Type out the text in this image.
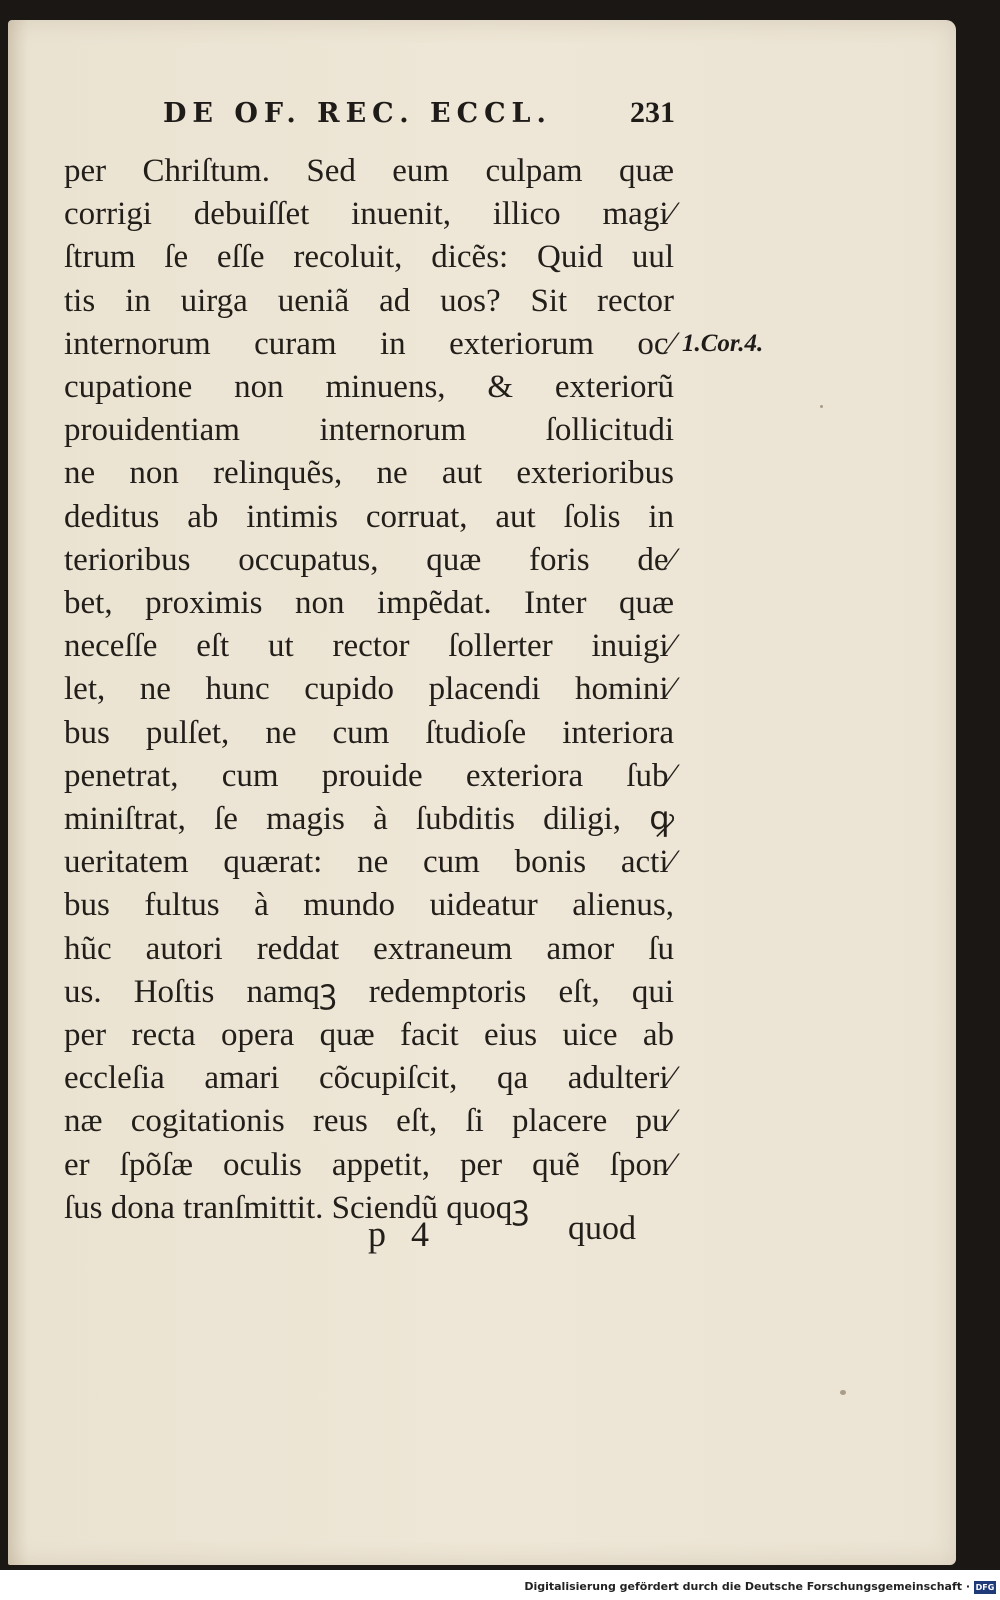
DE OF. REC. ECCL.	231
1.Cor.4.
per Chriſtum. Sed eum culpam quæ
corrigi debuiſſet inuenit, illico magi⁄
ſtrum ſe eſſe recoluit, dicẽs: Quid uul
tis in uirga ueniã ad uos? Sit rector
internorum curam in exteriorum oc⁄
cupatione non minuens, & exteriorũ
prouidentiam internorum ſollicitudi
ne non relinquẽs, ne aut exterioribus
deditus ab intimis corruat, aut ſolis in
terioribus occupatus, quæ foris de⁄
bet, proximis non impẽdat. Inter quæ
neceſſe eſt ut rector ſollerter inuigi⁄
let, ne hunc cupido placendi homini⁄
bus pulſet, ne cum ſtudioſe interiora
penetrat, cum prouide exteriora ſub⁄
miniſtrat, ſe magis à ſubditis diligi, ꝙ
ueritatem quærat: ne cum bonis acti⁄
bus fultus à mundo uideatur alienus,
hũc autori reddat extraneum amor ſu
us. Hoſtis namqꝫ redemptoris eſt, qui
per recta opera quæ facit eius uice ab
eccleſia amari cõcupiſcit, qa adulteri⁄
næ cogitationis reus eſt, ſi placere pu⁄
er ſpõſæ oculis appetit, per quẽ ſpon⁄
ſus dona tranſmittit. Sciendũ quoqꝫ
p 4	quod
Digitalisierung gefördert durch die Deutsche Forschungsgemeinschaft · DFG
